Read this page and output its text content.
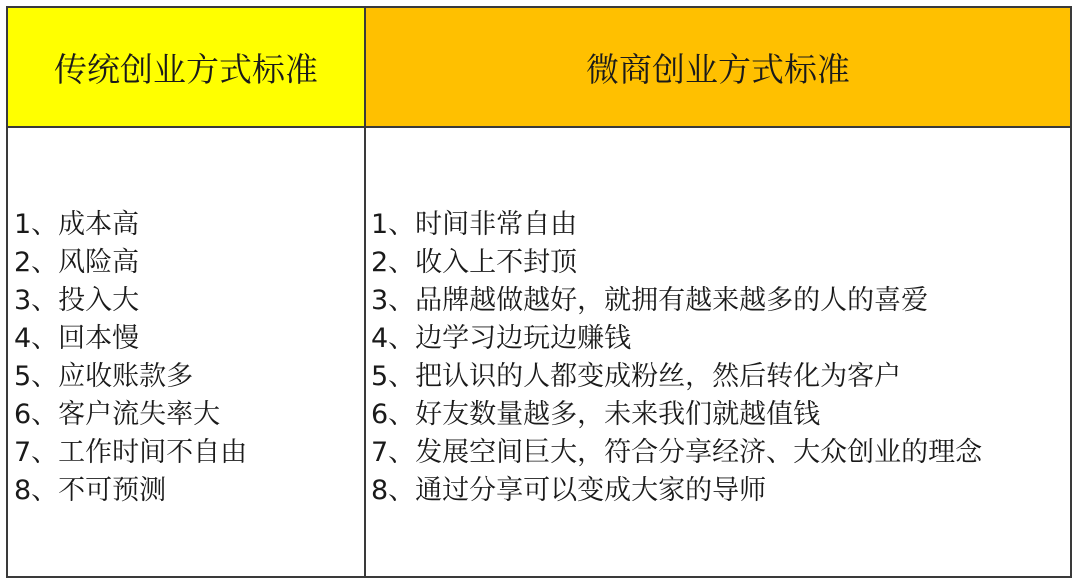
传统创业方式标准	微商创业方式标准
1、成本高
2、风险高
3、投入大
4、回本慢
5、应收账款多
6、客户流失率大
7、工作时间不自由
8、不可预测
1、时间非常自由
2、收入上不封顶
3、品牌越做越好，就拥有越来越多的人的喜爱
4、边学习边玩边赚钱
5、把认识的人都变成粉丝，然后转化为客户
6、好友数量越多，未来我们就越值钱
7、发展空间巨大，符合分享经济、大众创业的理念
8、通过分享可以变成大家的导师
